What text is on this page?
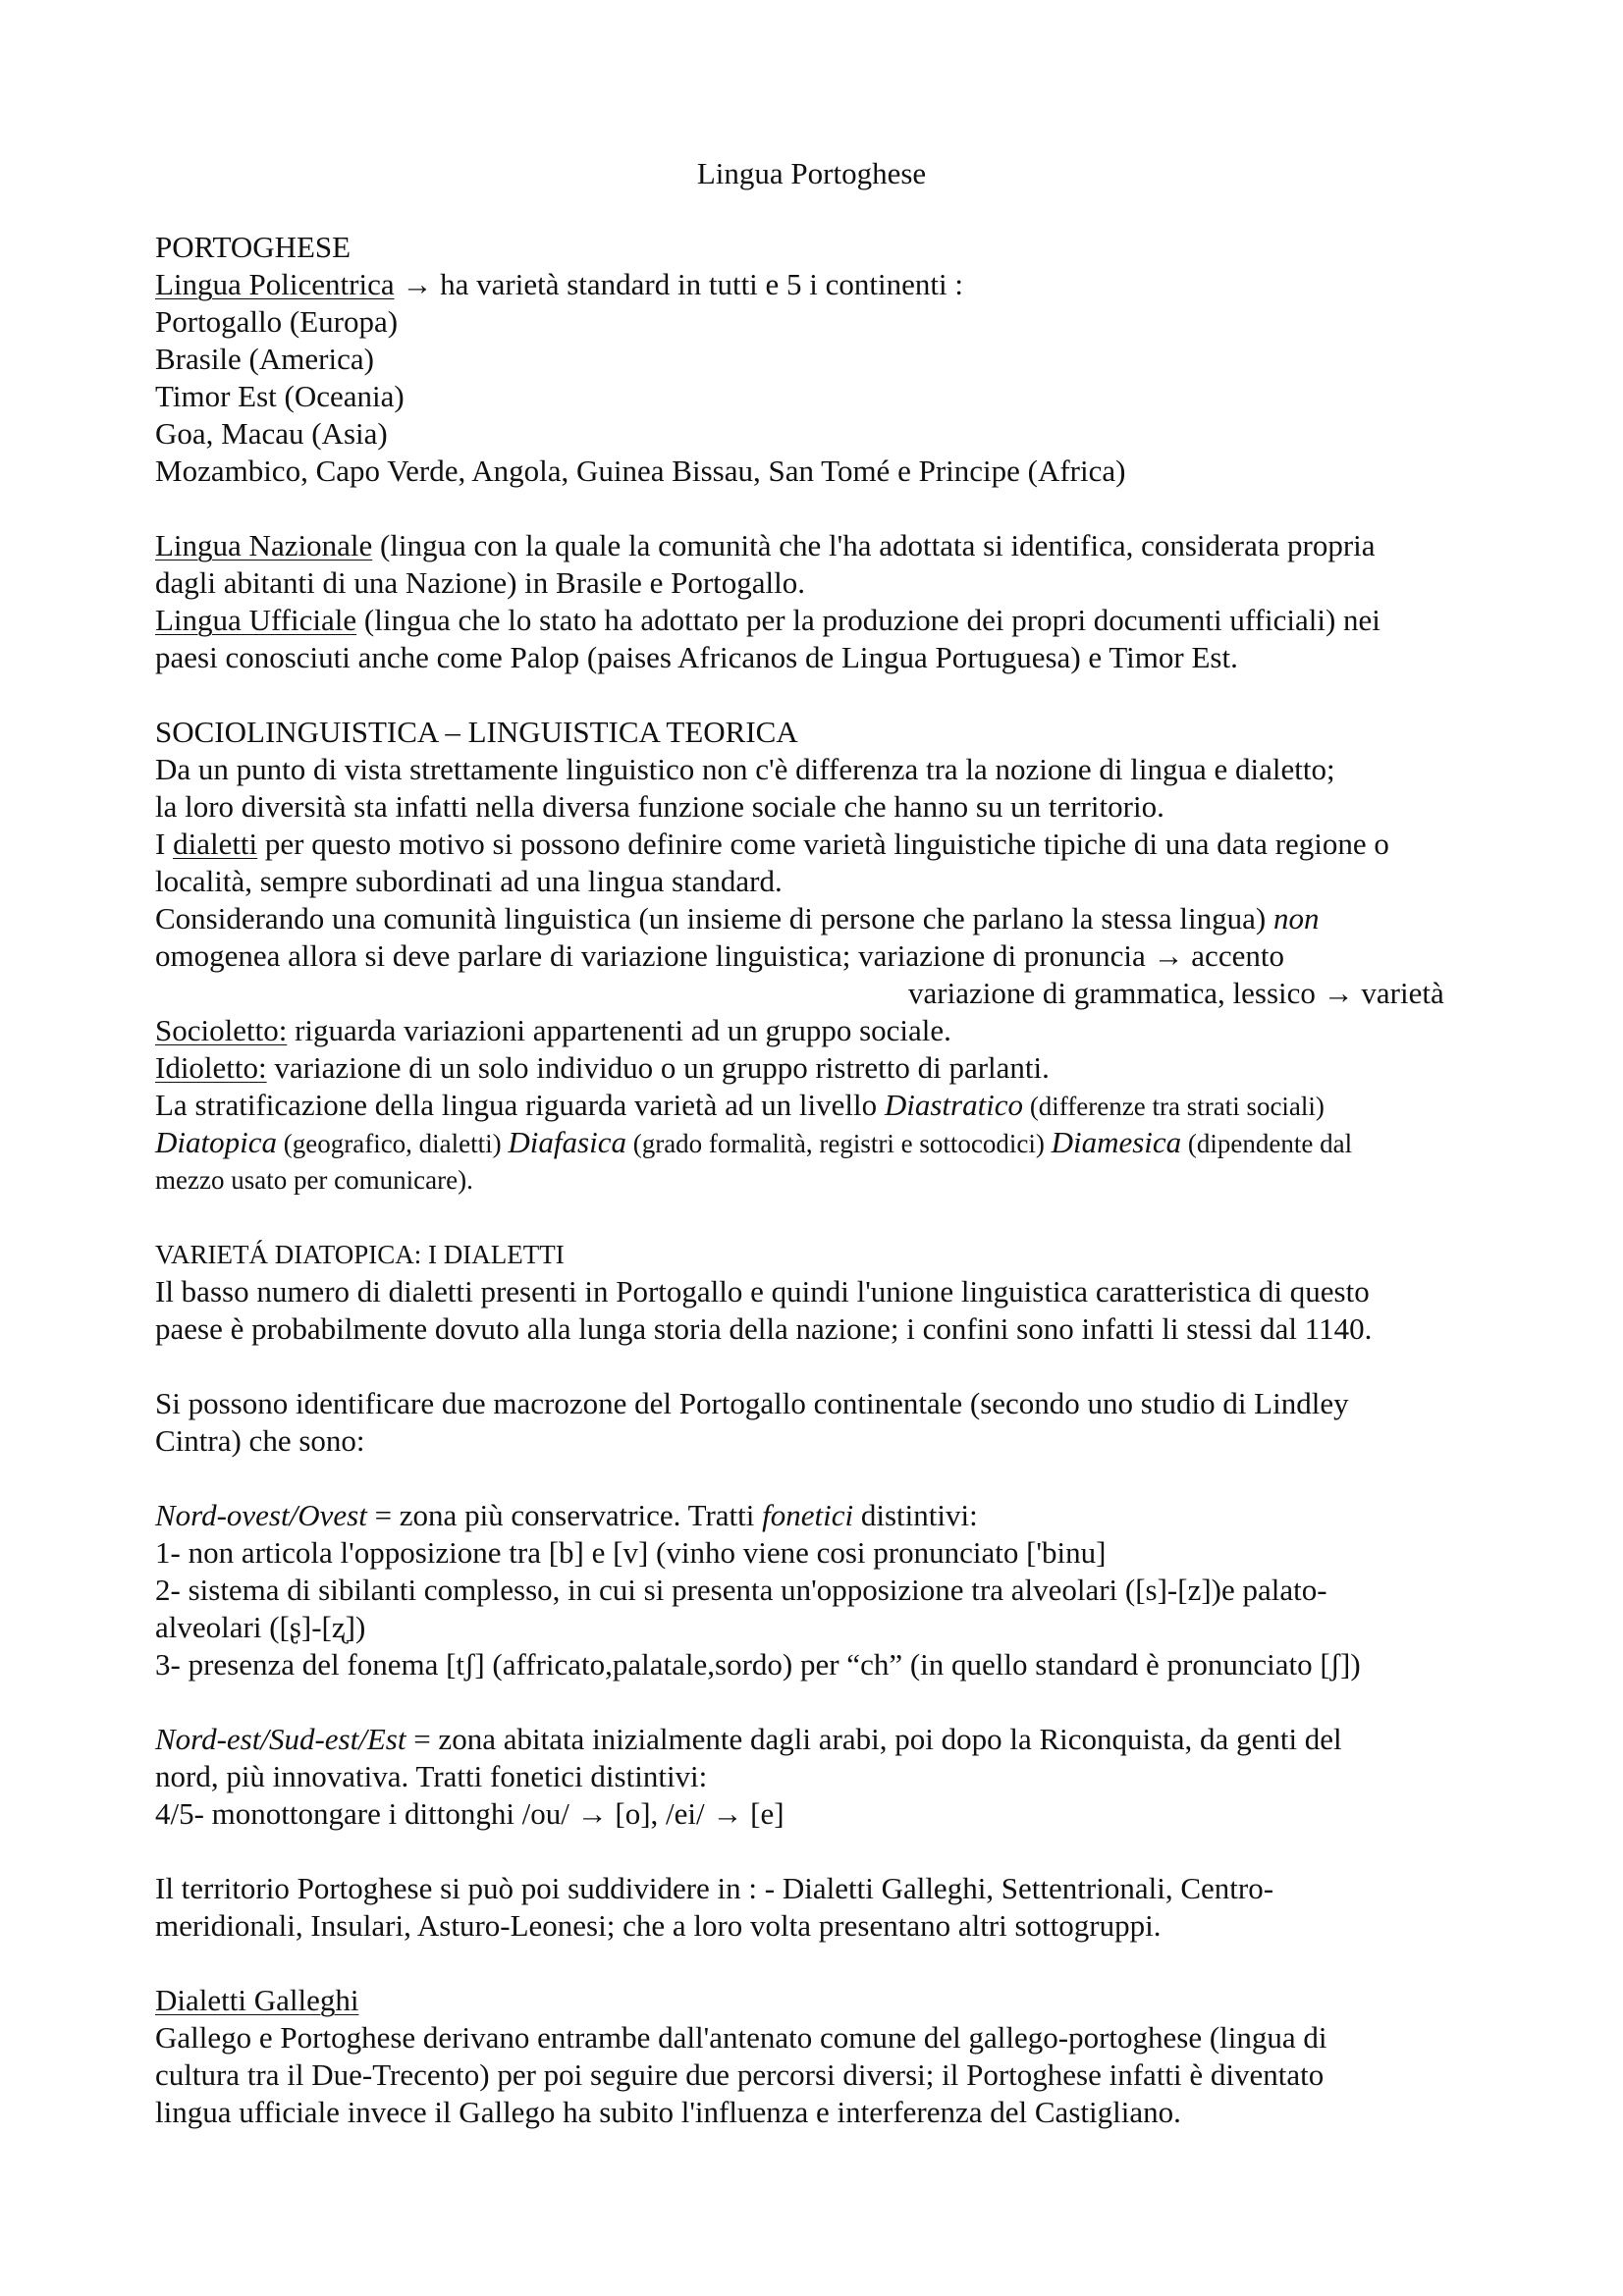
Lingua Portoghese
PORTOGHESE
Lingua Policentrica → ha varietà standard in tutti e 5 i continenti :
Portogallo (Europa)
Brasile (America)
Timor Est (Oceania)
Goa, Macau (Asia)
Mozambico, Capo Verde, Angola, Guinea Bissau, San Tomé e Principe (Africa)
Lingua Nazionale (lingua con la quale la comunità che l'ha adottata si identifica, considerata propria
dagli abitanti di una Nazione) in Brasile e Portogallo.
Lingua Ufficiale (lingua che lo stato ha adottato per la produzione dei propri documenti ufficiali) nei
paesi conosciuti anche come Palop (paises Africanos de Lingua Portuguesa) e Timor Est.
SOCIOLINGUISTICA – LINGUISTICA TEORICA
Da un punto di vista strettamente linguistico non c'è differenza tra la nozione di lingua e dialetto;
la loro diversità sta infatti nella diversa funzione sociale che hanno su un territorio.
I dialetti per questo motivo si possono definire come varietà linguistiche tipiche di una data regione o
località, sempre subordinati ad una lingua standard.
Considerando una comunità linguistica (un insieme di persone che parlano la stessa lingua) non
omogenea allora si deve parlare di variazione linguistica; variazione di pronuncia → accento
variazione di grammatica, lessico → varietà
Socioletto: riguarda variazioni appartenenti ad un gruppo sociale.
Idioletto: variazione di un solo individuo o un gruppo ristretto di parlanti.
La stratificazione della lingua riguarda varietà ad un livello Diastratico (differenze tra strati sociali)
Diatopica (geografico, dialetti) Diafasica (grado formalità, registri e sottocodici) Diamesica (dipendente dal
mezzo usato per comunicare).
VARIETÁ DIATOPICA: I DIALETTI
Il basso numero di dialetti presenti in Portogallo e quindi l'unione linguistica caratteristica di questo
paese è probabilmente dovuto alla lunga storia della nazione; i confini sono infatti li stessi dal 1140.
Si possono identificare due macrozone del Portogallo continentale (secondo uno studio di Lindley
Cintra) che sono:
Nord-ovest/Ovest = zona più conservatrice. Tratti fonetici distintivi:
1- non articola l'opposizione tra [b] e [v] (vinho viene cosi pronunciato ['binu]
2- sistema di sibilanti complesso, in cui si presenta un'opposizione tra alveolari ([s]-[z])e palato-
alveolari ([ʂ]-[ʐ])
3- presenza del fonema [tʃ] (affricato,palatale,sordo) per “ch” (in quello standard è pronunciato [ʃ])
Nord-est/Sud-est/Est = zona abitata inizialmente dagli arabi, poi dopo la Riconquista, da genti del
nord, più innovativa. Tratti fonetici distintivi:
4/5- monottongare i dittonghi /ou/ → [o], /ei/ → [e]
Il territorio Portoghese si può poi suddividere in : - Dialetti Galleghi, Settentrionali, Centro-
meridionali, Insulari, Asturo-Leonesi; che a loro volta presentano altri sottogruppi.
Dialetti Galleghi
Gallego e Portoghese derivano entrambe dall'antenato comune del gallego-portoghese (lingua di
cultura tra il Due-Trecento) per poi seguire due percorsi diversi; il Portoghese infatti è diventato
lingua ufficiale invece il Gallego ha subito l'influenza e interferenza del Castigliano.
